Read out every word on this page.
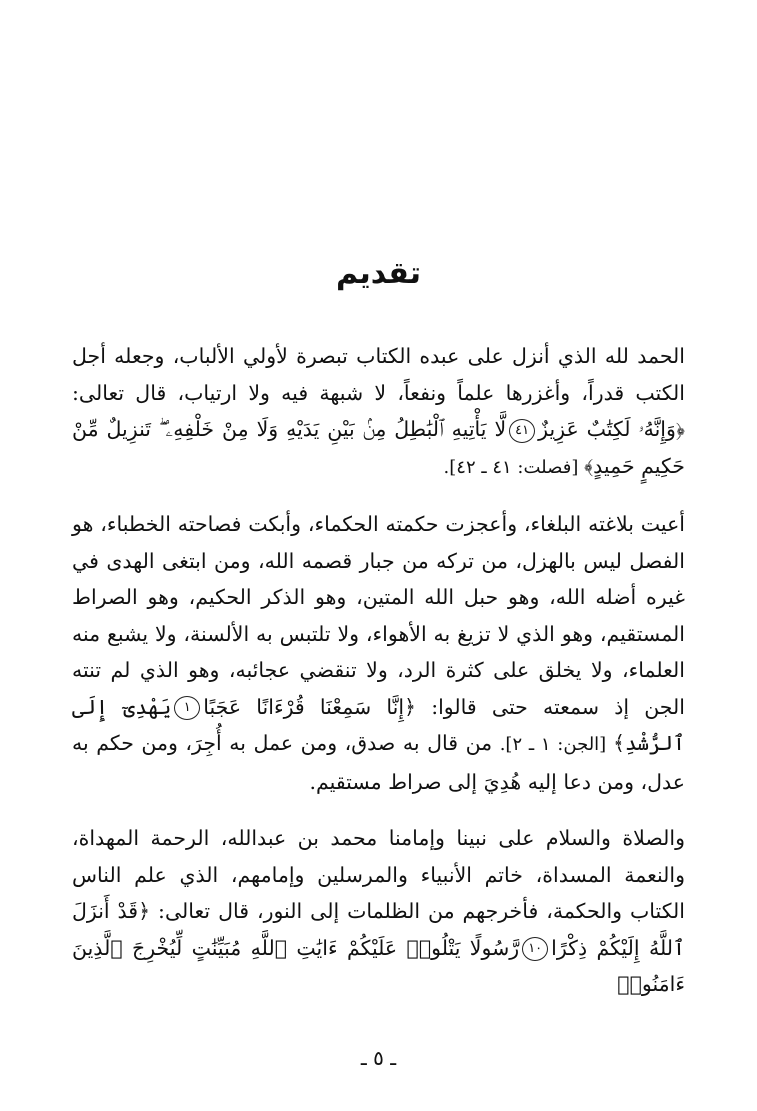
تقديم

الحمد لله الذي أنزل على عبده الكتاب تبصرة لأولي الألباب، وجعله أجل الكتب قدراً، وأغزرها علماً ونفعاً، لا شبهة فيه ولا ارتياب، قال تعالى: ﴿وَإِنَّهُۥ لَكِتَٰبٌ عَزِيزٌ٤١لَّا يَأْتِيهِ ٱلْبَٰطِلُ مِنۢ بَيْنِ يَدَيْهِ وَلَا مِنْ خَلْفِهِۦ ۖ تَنزِيلٌ مِّنْ حَكِيمٍ حَمِيدٍ﴾ [فصلت: ٤١ ـ ٤٢].

أعيت بلاغته البلغاء، وأعجزت حكمته الحكماء، وأبكت فصاحته الخطباء، هو الفصل ليس بالهزل، من تركه من جبار قصمه الله، ومن ابتغى الهدى في غيره أضله الله، وهو حبل الله المتين، وهو الذكر الحكيم، وهو الصراط المستقيم، وهو الذي لا تزيغ به الأهواء، ولا تلتبس به الألسنة، ولا يشبع منه العلماء، ولا يخلق على كثرة الرد، ولا تنقضي عجائبه، وهو الذي لم تنته الجن إذ سمعته حتى قالوا: ﴿إِنَّا سَمِعْنَا قُرْءَانًا عَجَبًا١يَهْدِىٓ إِلَى ٱلرُّشْدِ﴾ [الجن: ١ ـ ٢]. من قال به صدق، ومن عمل به أُجِرَ، ومن حكم به عدل، ومن دعا إليه هُدِيَ إلى صراط مستقيم.

والصلاة والسلام على نبينا وإمامنا محمد بن عبدالله، الرحمة المهداة، والنعمة المسداة، خاتم الأنبياء والمرسلين وإمامهم، الذي علم الناس الكتاب والحكمة، فأخرجهم من الظلمات إلى النور، قال تعالى: ﴿قَدْ أَنزَلَ ٱللَّهُ إِلَيْكُمْ ذِكْرًا١٠رَّسُولًا يَتْلُوا۟ عَلَيْكُمْ ءَايَٰتِ ٱللَّهِ مُبَيِّنَٰتٍ لِّيُخْرِجَ ٱلَّذِينَ ءَامَنُوا۟

ـ ٥ ـ
